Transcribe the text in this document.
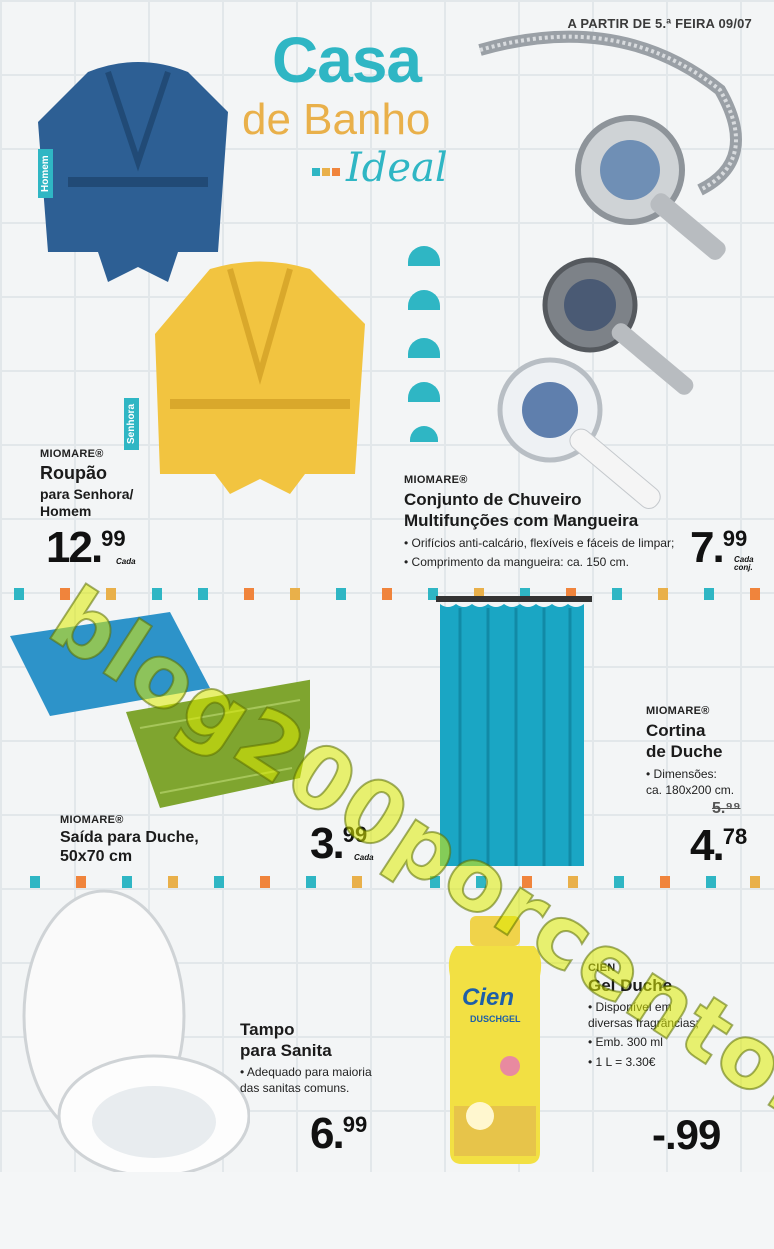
A PARTIR DE 5.ª FEIRA 09/07
Casa
de Banho
Ideal
Homem
Senhora
MIOMARE®
Roupão
para Senhora/
Homem
12.99
Cada
MIOMARE®
Conjunto de Chuveiro
Multifunções com Mangueira
• Orifícios anti-calcário, flexíveis e fáceis de limpar;
• Comprimento da mangueira: ca. 150 cm.	7.99
Cada
conj.
MIOMARE®
Saída para Duche,
50x70 cm	3.99
Cada
MIOMARE®
Cortina
de Duche
• Dimensões:
ca. 180x200 cm.
5.⁹⁹
4.78
Tampo
para Sanita
• Adequado para maioria
das sanitas comuns.
6.99
Cien
DUSCHGEL
CIEN
Gel Duche
• Disponível em
diversas fragrâncias;
• Emb. 300 ml
• 1 L = 3.30€
-.99
